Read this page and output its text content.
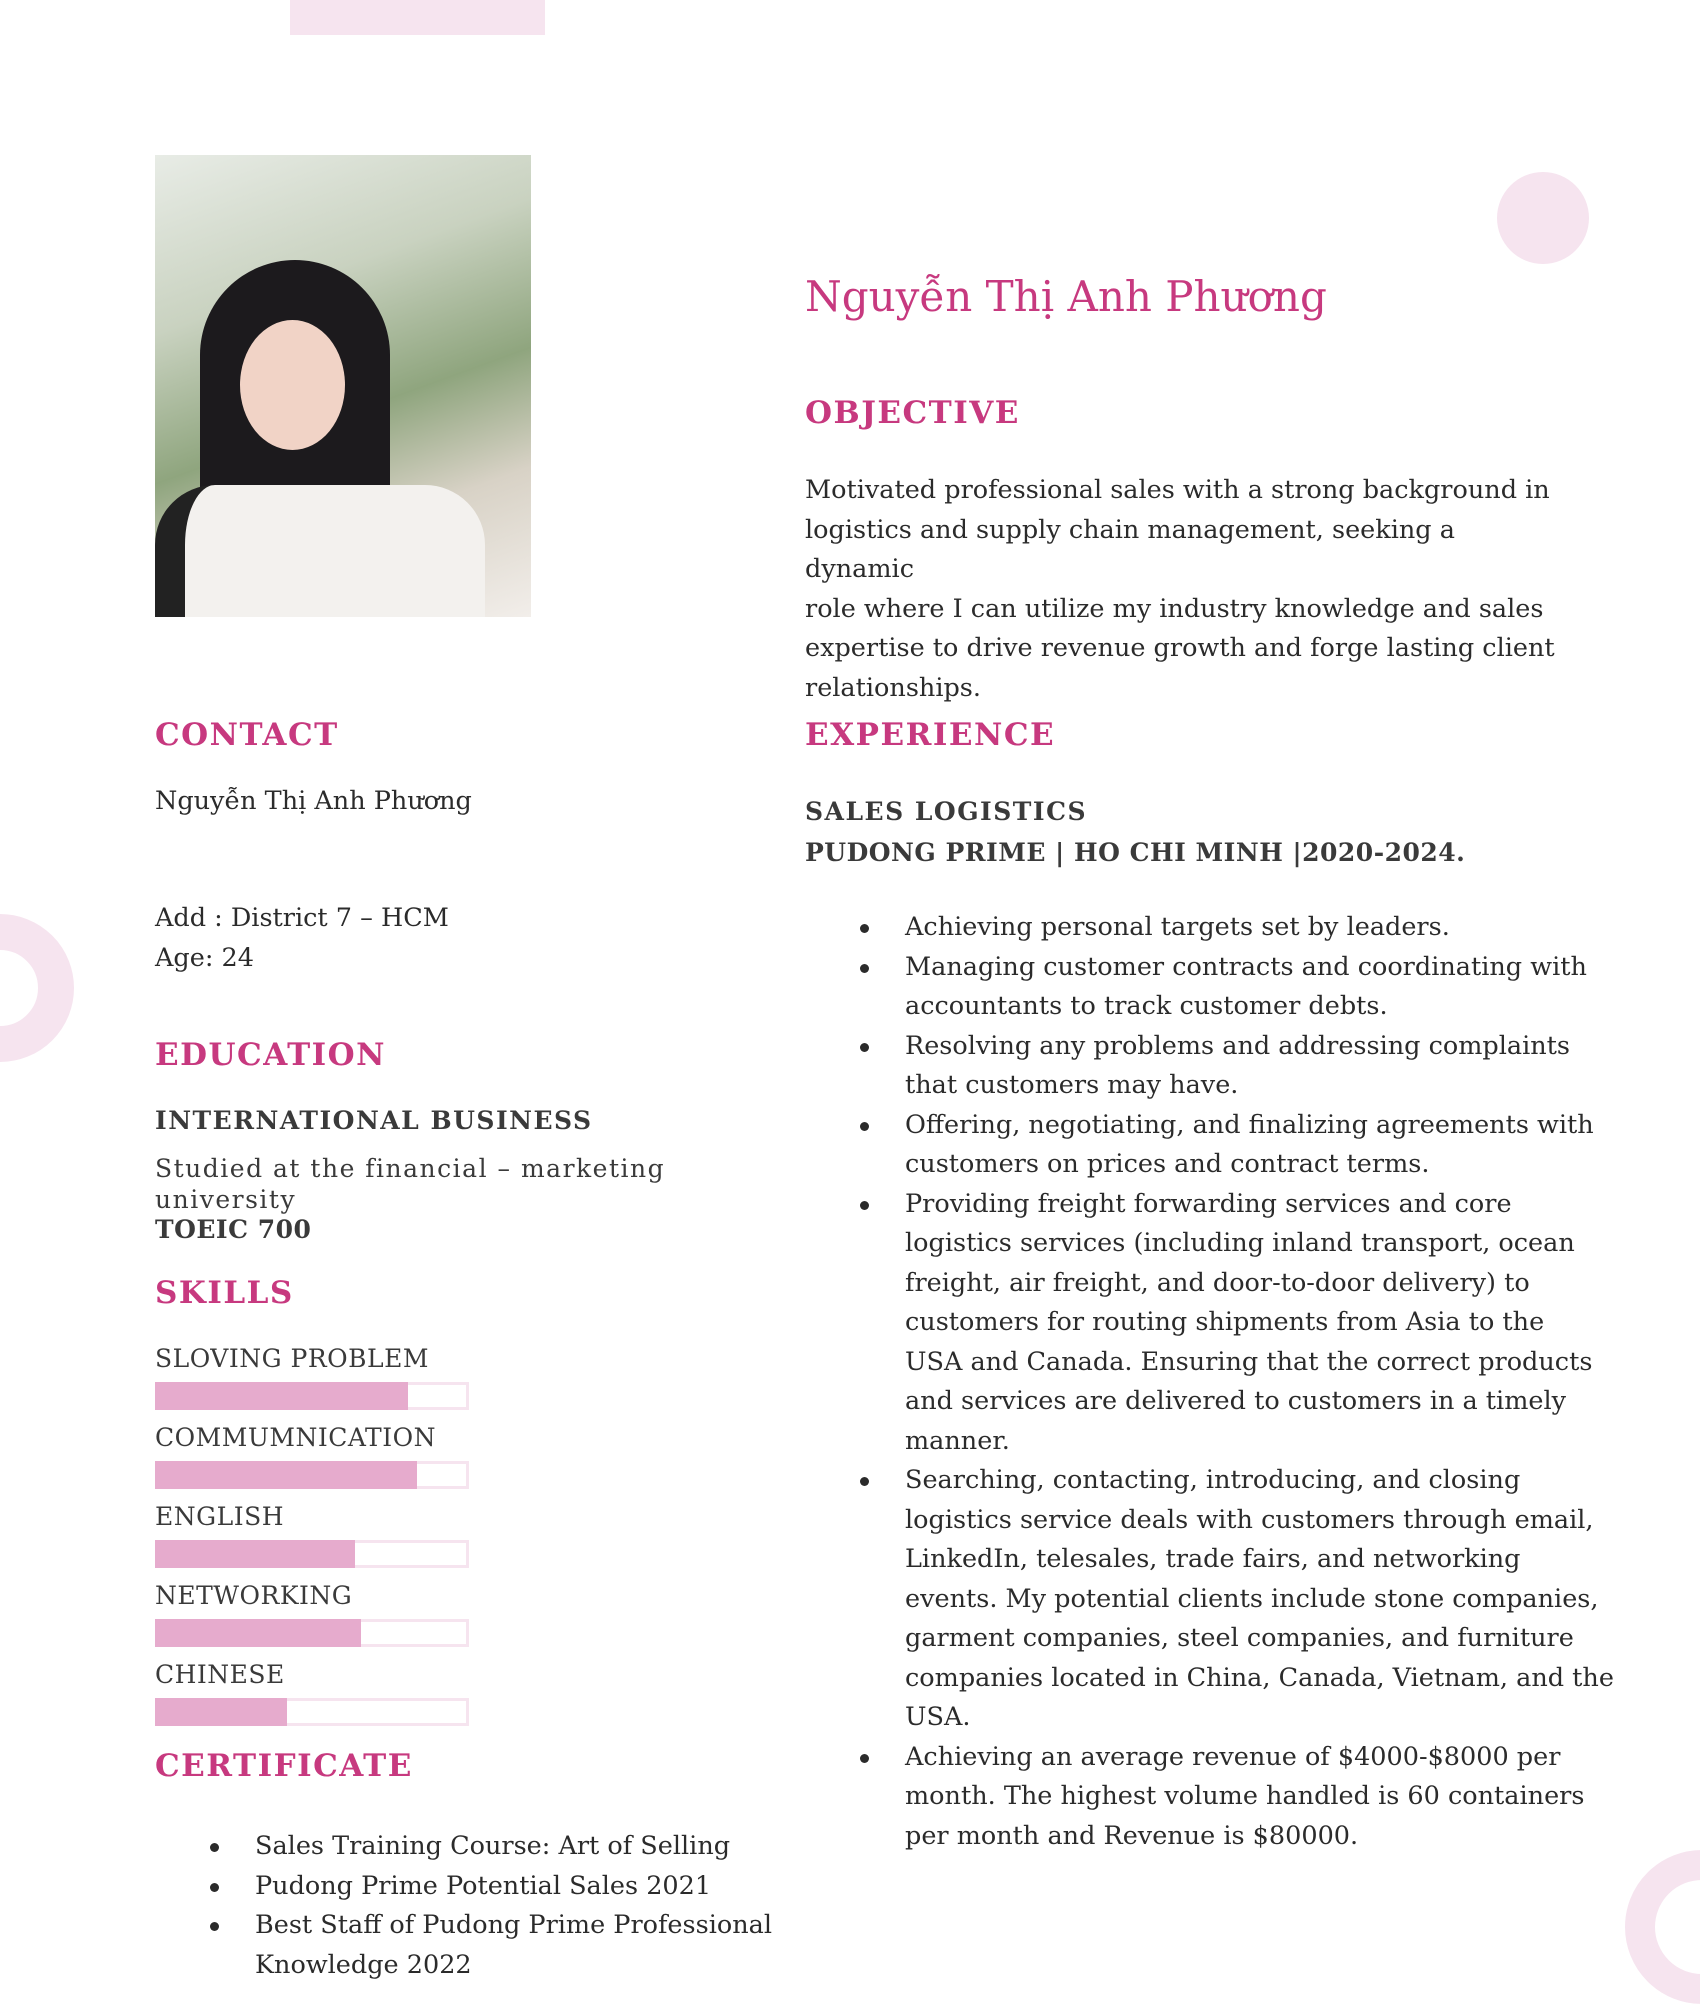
Nguyễn Thị Anh Phương
OBJECTIVE
Motivated professional sales with a strong background in
logistics and supply chain management, seeking a dynamic
role where I can utilize my industry knowledge and sales
expertise to drive revenue growth and forge lasting client
relationships.
CONTACT
Nguyễn Thị Anh Phương
Add : District 7 – HCM
Age: 24
EDUCATION
INTERNATIONAL BUSINESS
Studied at the financial – marketing
university
TOEIC 700
SKILLS
SLOVING PROBLEM
COMMUMNICATION
ENGLISH
NETWORKING
CHINESE
CERTIFICATE
Sales Training Course: Art of Selling
Pudong Prime Potential Sales 2021
Best Staff of Pudong Prime Professional
Knowledge 2022
EXPERIENCE
SALES LOGISTICS
PUDONG PRIME | HO CHI MINH |2020-2024.
Achieving personal targets set by leaders.
Managing customer contracts and coordinating with
accountants to track customer debts.
Resolving any problems and addressing complaints
that customers may have.
Offering, negotiating, and finalizing agreements with
customers on prices and contract terms.
Providing freight forwarding services and core
logistics services (including inland transport, ocean
freight, air freight, and door-to-door delivery) to
customers for routing shipments from Asia to the
USA and Canada. Ensuring that the correct products
and services are delivered to customers in a timely
manner.
Searching, contacting, introducing, and closing
logistics service deals with customers through email,
LinkedIn, telesales, trade fairs, and networking
events. My potential clients include stone companies,
garment companies, steel companies, and furniture
companies located in China, Canada, Vietnam, and the
USA.
Achieving an average revenue of $4000-$8000 per
month. The highest volume handled is 60 containers
per month and Revenue is $80000.
